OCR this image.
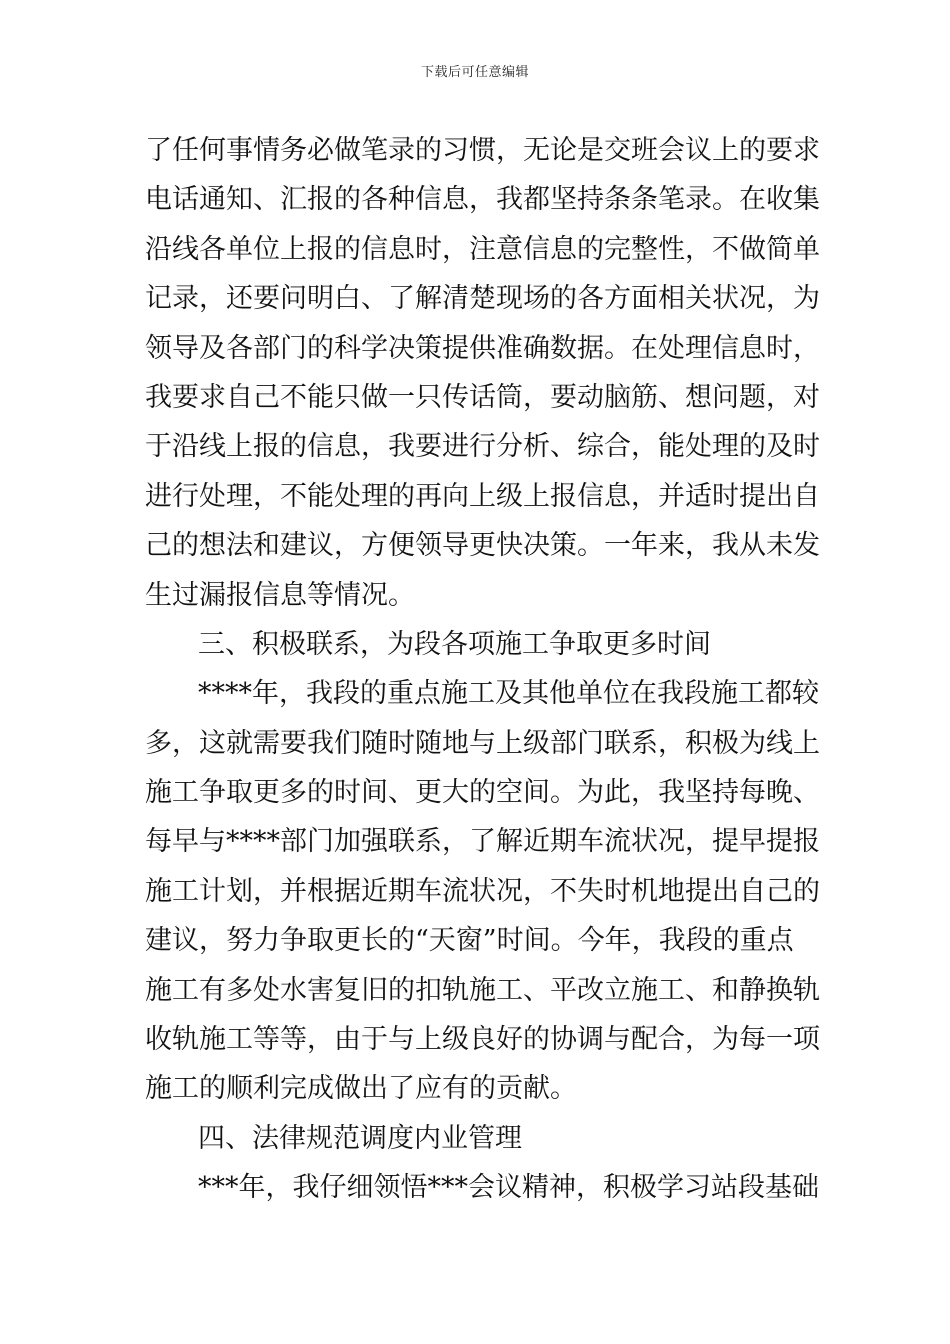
下载后可任意编辑
了任何事情务必做笔录的习惯，无论是交班会议上的要求
电话通知、汇报的各种信息，我都坚持条条笔录。在收集
沿线各单位上报的信息时，注意信息的完整性，不做简单
记录，还要问明白、了解清楚现场的各方面相关状况，为
领导及各部门的科学决策提供准确数据。在处理信息时，
我要求自己不能只做一只传话筒，要动脑筋、想问题，对
于沿线上报的信息，我要进行分析、综合，能处理的及时
进行处理，不能处理的再向上级上报信息，并适时提出自
己的想法和建议，方便领导更快决策。一年来，我从未发
生过漏报信息等情况。
三、积极联系，为段各项施工争取更多时间
****年，我段的重点施工及其他单位在我段施工都较
多，这就需要我们随时随地与上级部门联系，积极为线上
施工争取更多的时间、更大的空间。为此，我坚持每晚、
每早与****部门加强联系，了解近期车流状况，提早提报
施工计划，并根据近期车流状况，不失时机地提出自己的
建议，努力争取更长的“天窗”时间。今年，我段的重点
施工有多处水害复旧的扣轨施工、平改立施工、和静换轨
收轨施工等等，由于与上级良好的协调与配合，为每一项
施工的顺利完成做出了应有的贡献。
四、法律规范调度内业管理
***年，我仔细领悟***会议精神，积极学习站段基础
